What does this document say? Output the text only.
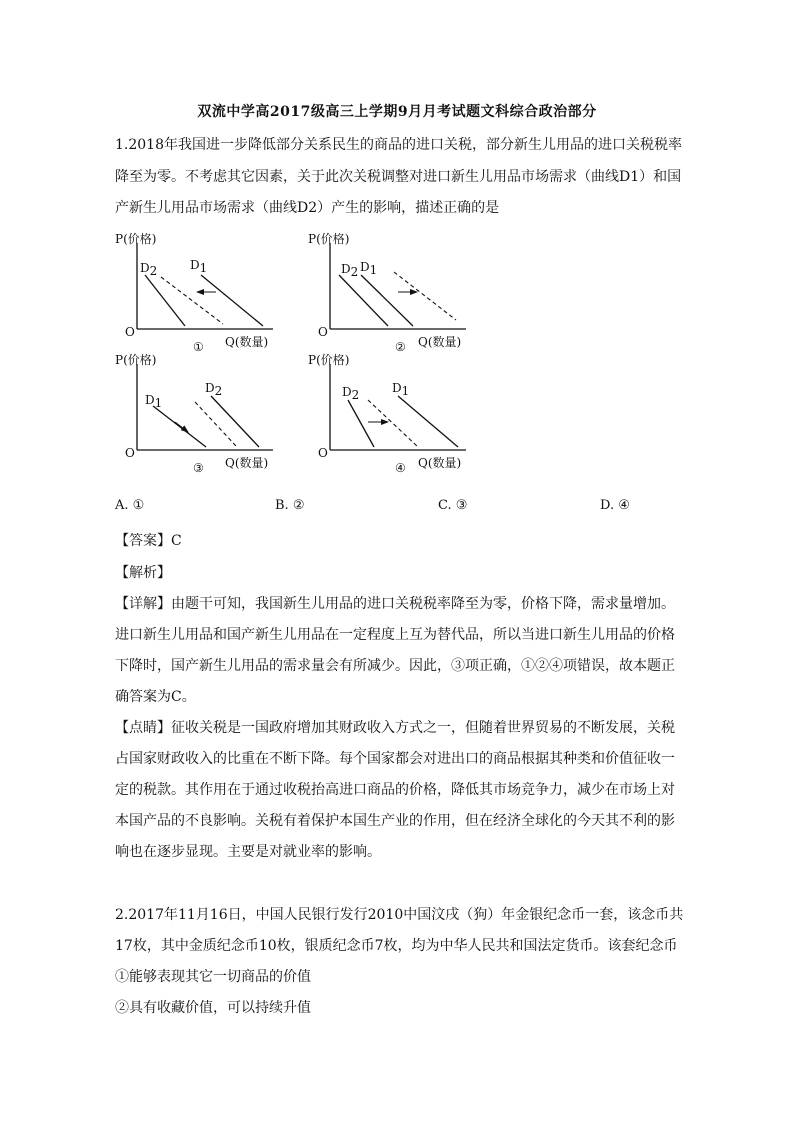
双流中学高2017级高三上学期9月月考试题文科综合政治部分
1.2018年我国进一步降低部分关系民生的商品的进口关税，部分新生儿用品的进口关税税率
降至为零。不考虑其它因素，关于此次关税调整对进口新生儿用品市场需求（曲线D1）和国
产新生儿用品市场需求（曲线D2）产生的影响，描述正确的是
P(价格)
O
Q(数量)
①
D2	D1
P(价格)
O
Q(数量)
②
D2 D1
P(价格)
O
Q(数量)
③
D1
D2
P(价格)
O
Q(数量)
④
D2	D1
A. ①	B. ②	C. ③	D. ④
【答案】C
【解析】
【详解】由题干可知，我国新生儿用品的进口关税税率降至为零，价格下降，需求量增加。
进口新生儿用品和国产新生儿用品在一定程度上互为替代品，所以当进口新生儿用品的价格
下降时，国产新生儿用品的需求量会有所减少。因此，③项正确，①②④项错误，故本题正
确答案为C。
【点睛】征收关税是一国政府增加其财政收入方式之一，但随着世界贸易的不断发展，关税
占国家财政收入的比重在不断下降。每个国家都会对进出口的商品根据其种类和价值征收一
定的税款。其作用在于通过收税抬高进口商品的价格，降低其市场竞争力，减少在市场上对
本国产品的不良影响。关税有着保护本国生产业的作用，但在经济全球化的今天其不利的影
响也在逐步显现。主要是对就业率的影响。
2.2017年11月16日，中国人民银行发行2010中国汶戌（狗）年金银纪念币一套，该念币共
17枚，其中金质纪念币10枚，银质纪念币7枚，均为中华人民共和国法定货币。该套纪念币
①能够表现其它一切商品的价值
②具有收藏价值，可以持续升值
